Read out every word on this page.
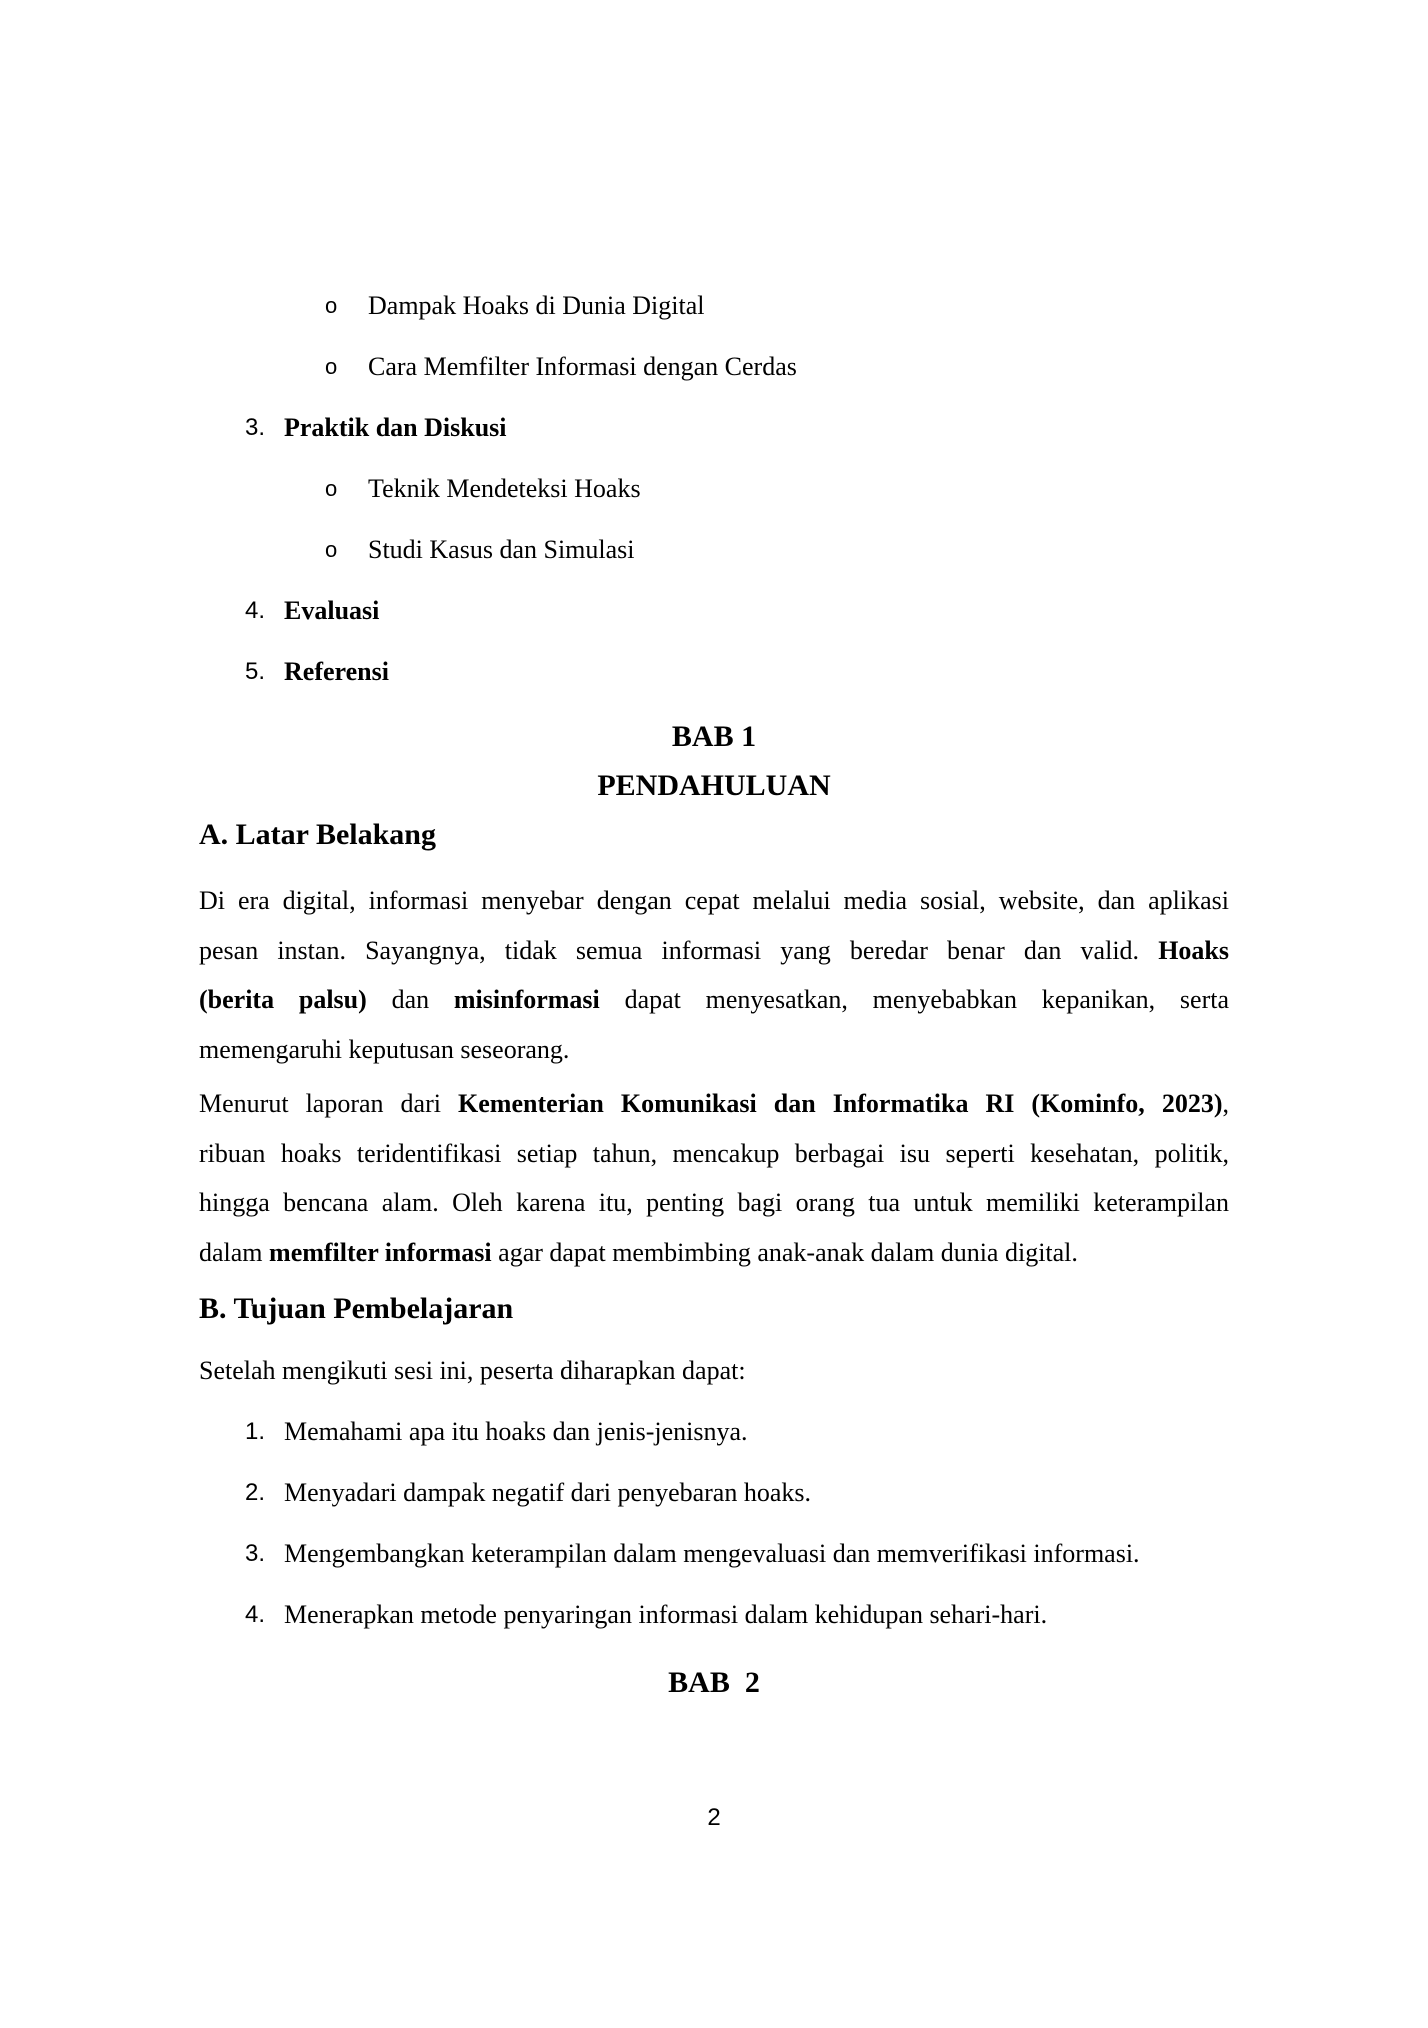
o Dampak Hoaks di Dunia Digital
o Cara Memfilter Informasi dengan Cerdas
3. Praktik dan Diskusi
o Teknik Mendeteksi Hoaks
o Studi Kasus dan Simulasi
4. Evaluasi
5. Referensi
BAB 1
PENDAHULUAN
A. Latar Belakang
Di era digital, informasi menyebar dengan cepat melalui media sosial, website, dan aplikasi
pesan instan. Sayangnya, tidak semua informasi yang beredar benar dan valid. Hoaks
(berita palsu) dan misinformasi dapat menyesatkan, menyebabkan kepanikan, serta
memengaruhi keputusan seseorang.
Menurut laporan dari Kementerian Komunikasi dan Informatika RI (Kominfo, 2023),
ribuan hoaks teridentifikasi setiap tahun, mencakup berbagai isu seperti kesehatan, politik,
hingga bencana alam. Oleh karena itu, penting bagi orang tua untuk memiliki keterampilan
dalam memfilter informasi agar dapat membimbing anak-anak dalam dunia digital.
B. Tujuan Pembelajaran
Setelah mengikuti sesi ini, peserta diharapkan dapat:
1. Memahami apa itu hoaks dan jenis-jenisnya.
2. Menyadari dampak negatif dari penyebaran hoaks.
3. Mengembangkan keterampilan dalam mengevaluasi dan memverifikasi informasi.
4. Menerapkan metode penyaringan informasi dalam kehidupan sehari-hari.
BAB  2
2
